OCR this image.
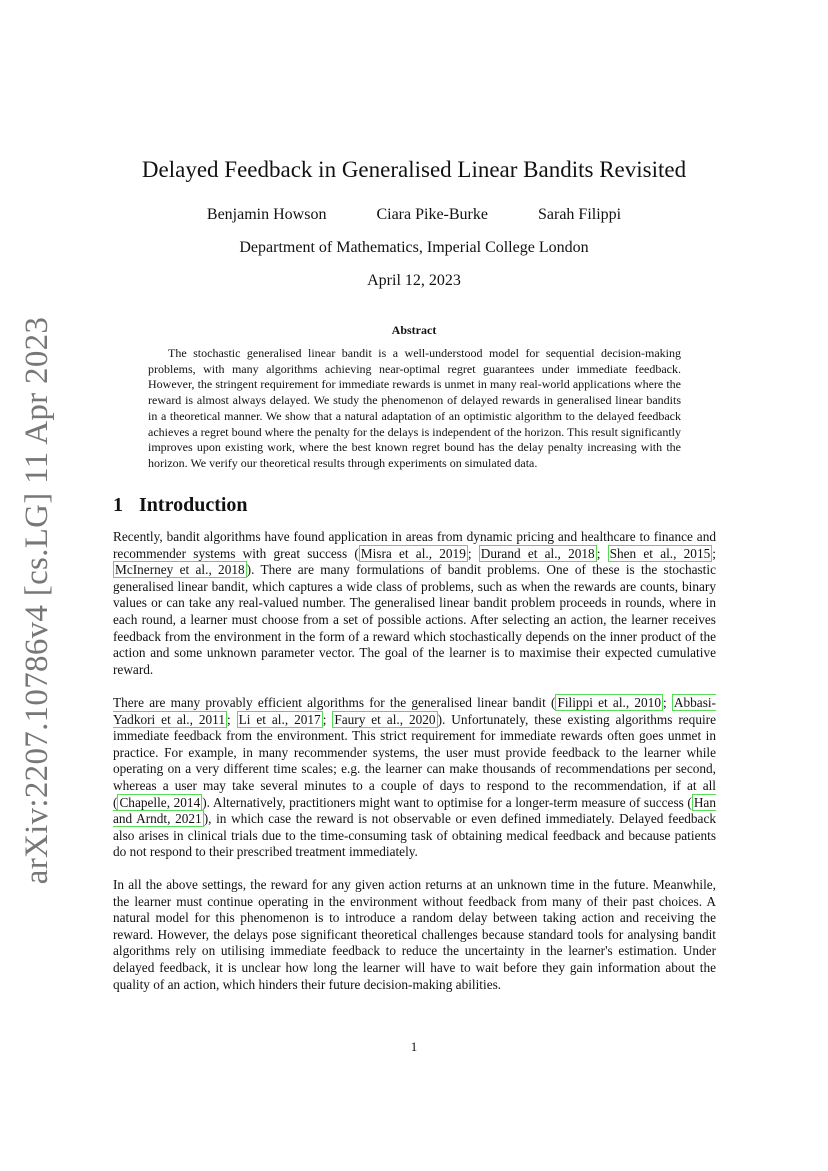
arXiv:2207.10786v4 [cs.LG] 11 Apr 2023
Delayed Feedback in Generalised Linear Bandits Revisited
Benjamin Howson	Ciara Pike-Burke	Sarah Filippi
Department of Mathematics, Imperial College London
April 12, 2023
Abstract

The stochastic generalised linear bandit is a well-understood model for sequential decision-making problems, with many algorithms achieving near-optimal regret guarantees under immediate feedback. However, the stringent requirement for immediate rewards is unmet in many real-world applications where the reward is almost always delayed. We study the phenomenon of delayed rewards in generalised linear bandits in a theoretical manner. We show that a natural adaptation of an optimistic algorithm to the delayed feedback achieves a regret bound where the penalty for the delays is independent of the horizon. This result significantly improves upon existing work, where the best known regret bound has the delay penalty increasing with the horizon. We verify our theoretical results through experiments on simulated data.

1 Introduction

Recently, bandit algorithms have found application in areas from dynamic pricing and healthcare to finance and recommender systems with great success ( Misra et al., 2019 ; Durand et al., 2018 ; Shen et al., 2015 ; McInerney et al., 2018 ). There are many formulations of bandit problems. One of these is the stochastic generalised linear bandit, which captures a wide class of problems, such as when the rewards are counts, binary values or can take any real-valued number. The generalised linear bandit problem proceeds in rounds, where in each round, a learner must choose from a set of possible actions. After selecting an action, the learner receives feedback from the environment in the form of a reward which stochastically depends on the inner product of the action and some unknown parameter vector. The goal of the learner is to maximise their expected cumulative reward.

There are many provably efficient algorithms for the generalised linear bandit ( Filippi et al., 2010 ; Abbasi-Yadkori et al., 2011 ; Li et al., 2017 ; Faury et al., 2020 ). Unfortunately, these existing algorithms require immediate feedback from the environment. This strict requirement for immediate rewards often goes unmet in practice. For example, in many recommender systems, the user must provide feedback to the learner while operating on a very different time scales; e.g. the learner can make thousands of recommendations per second, whereas a user may take several minutes to a couple of days to respond to the recommendation, if at all ( Chapelle, 2014 ). Alternatively, practitioners might want to optimise for a longer-term measure of success ( Han and Arndt, 2021 ), in which case the reward is not observable or even defined immediately. Delayed feedback also arises in clinical trials due to the time-consuming task of obtaining medical feedback and because patients do not respond to their prescribed treatment immediately.

In all the above settings, the reward for any given action returns at an unknown time in the future. Meanwhile, the learner must continue operating in the environment without feedback from many of their past choices. A natural model for this phenomenon is to introduce a random delay between taking action and receiving the reward. However, the delays pose significant theoretical challenges because standard tools for analysing bandit algorithms rely on utilising immediate feedback to reduce the uncertainty in the learner's estimation. Under delayed feedback, it is unclear how long the learner will have to wait before they gain information about the quality of an action, which hinders their future decision-making abilities.

1
